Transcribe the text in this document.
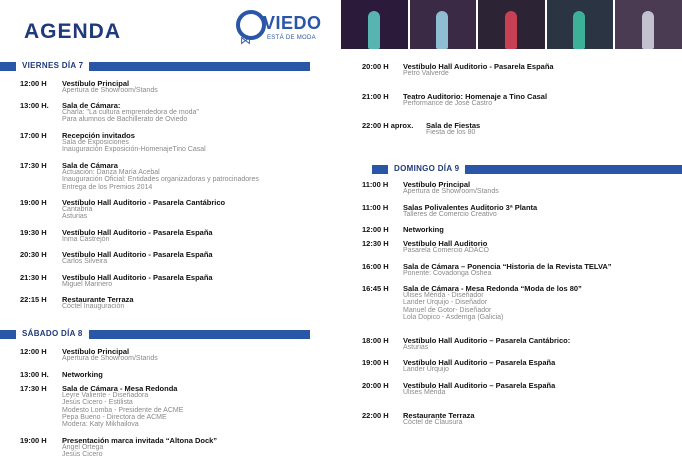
AGENDA	⋈
VIEDO
ESTÁ DE MODA
VIERNES DÍA 7
SÁBADO DÍA 8
DOMINGO DÍA 9
12:00 H Vestíbulo Principal
Apertura de Showroom/Stands
13:00 H. Sala de Cámara:
Charla: "La cultura emprendedora de moda"
Para alumnos de Bachillerato de Oviedo
17:00 H Recepción invitados
Sala de Exposiciones
Inauguración Exposición-HomenajeTino Casal
17:30 H Sala de Cámara
Actuación: Danza María Acebal
Inauguración Oficial: Entidades organizadoras y patrocinadores
Entrega de los Premios 2014
19:00 H Vestíbulo Hall Auditorio - Pasarela Cantábrico
Cantabria
Asturias
19:30 H Vestíbulo Hall Auditorio - Pasarela España
Inma Castrejón
20:30 H Vestíbulo Hall Auditorio - Pasarela España
Carlos Silveira
21:30 H Vestíbulo Hall Auditorio - Pasarela España
Miguel Marinero
22:15 H Restaurante Terraza
Cóctel Inauguración
12:00 H Vestíbulo Principal
Apertura de Showroom/Stands
13:00 H. Networking
17:30 H Sala de Cámara - Mesa Redonda
Leyre Valiente - Diseñadora
Jesús Cicero - Estilista
Modesto Lomba - Presidente de ACME
Pepa Bueno - Directora de ACME
Modera: Katy Mikhailova
19:00 H Presentación marca invitada “Altona Dock”
Ángel Ortega
Jesús Cicero
20:00 H Vestíbulo Hall Auditorio - Pasarela España
Petro Valverde
21:00 H Teatro Auditorio: Homenaje a Tino Casal
Performance de José Castro
22:00 H aprox. Sala de Fiestas
Fiesta de los 80
11:00 H Vestíbulo Principal
Apertura de Showroom/Stands
11:00 H Salas Polivalentes Auditorio 3ª Planta
Talleres de Comercio Creativo
12:00 H Networking
12:30 H Vestíbulo Hall Auditorio
Pasarela Comercio ADACO
16:00 H Sala de Cámara – Ponencia “Historia de la Revista TELVA”
Ponente: Covadonga Oshea
16:45 H Sala de Cámara - Mesa Redonda “Moda de los 80”
Ulises Mérida - Diseñador
Lander Urquijo - Diseñador
Manuel de Gotor- Diseñador
Lola Dopico - Asdemga (Galicia)
18:00 H Vestíbulo Hall Auditorio – Pasarela Cantábrico:
Asturias
19:00 H Vestíbulo Hall Auditorio – Pasarela España
Lander Urquijo
20:00 H Vestíbulo Hall Auditorio – Pasarela España
Ulises Mérida
22:00 H Restaurante Terraza
Cóctel de Clausura
